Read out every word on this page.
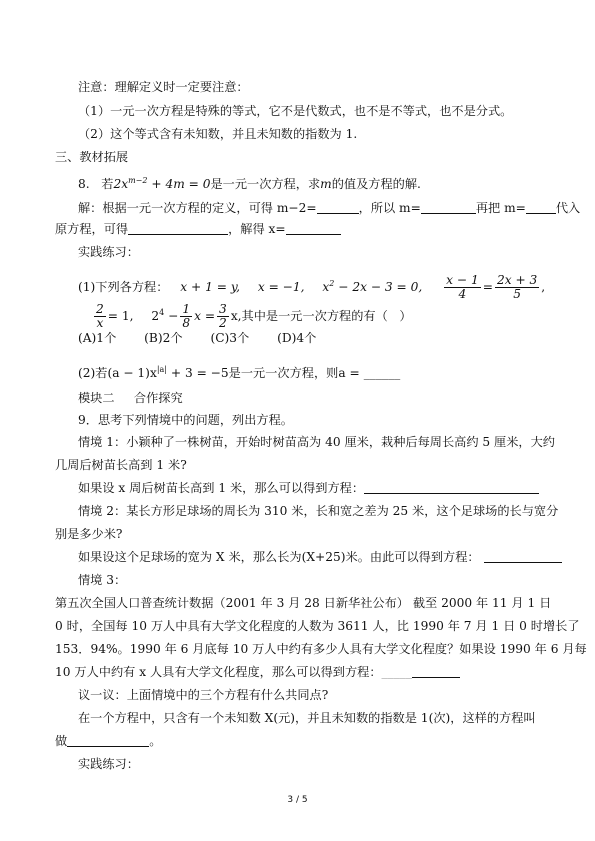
注意：理解定义时一定要注意：
（1）一元一次方程是特殊的等式，它不是代数式，也不是不等式，也不是分式。
（2）这个等式含有未知数，并且未知数的指数为 1.
三、教材拓展
8.   若$2x^{m-2} + 4m = 0$是一元一次方程，求m的值及方程的解.
解：根据一元一次方程的定义，可得 m−2=	，所以 m=	再把 m= 代入
原方程，可得	，解得 x=
实践练习：
(1)下列各方程： x + 1 = y, x = −1, $x^2 - 2x - 3 = 0$, $\frac{x - 1}{4} = \frac{2x + 3}{5}$ ,
$\frac{2}{x} = 1$, $2^4 - \frac{1}{8}$ $x = \frac{3}{2} x$,其中是一元一次方程的有（   ）
(A)1个 (B)2个 (C)3个 (D)4个
(2)若$(a - 1)x^{|a|} + 3 = -5$是一元一次方程，则a = ______
模块二     合作探究
9．思考下列情境中的问题，列出方程。
情境 1：小颖种了一株树苗，开始时树苗高为 40 厘米，栽种后每周长高约 5 厘米，大约
几周后树苗长高到 1 米?
如果设 x 周后树苗长高到 1 米，那么可以得到方程：
情境 2：某长方形足球场的周长为 310 米，长和宽之差为 25 米，这个足球场的长与宽分
别是多少米?
如果设这个足球场的宽为 X 米，那么长为(X+25)米。由此可以得到方程：
情境 3：
第五次全国人口普查统计数据（2001 年 3 月 28 日新华社公布） 截至 2000 年 11 月 1 日
0 时，全国每 10 万人中具有大学文化程度的人数为 3611 人，比 1990 年 7 月 1 日 0 时增长了
153．94%。1990 年 6 月底每 10 万人中约有多少人具有大学文化程度？如果设 1990 年 6 月每
10 万人中约有 x 人具有大学文化程度，那么可以得到方程：_____
议一议：上面情境中的三个方程有什么共同点?
在一个方程中，只含有一个未知数 X(元)，并且未知数的指数是 1(次)，这样的方程叫
做	。
实践练习：
3 / 5
